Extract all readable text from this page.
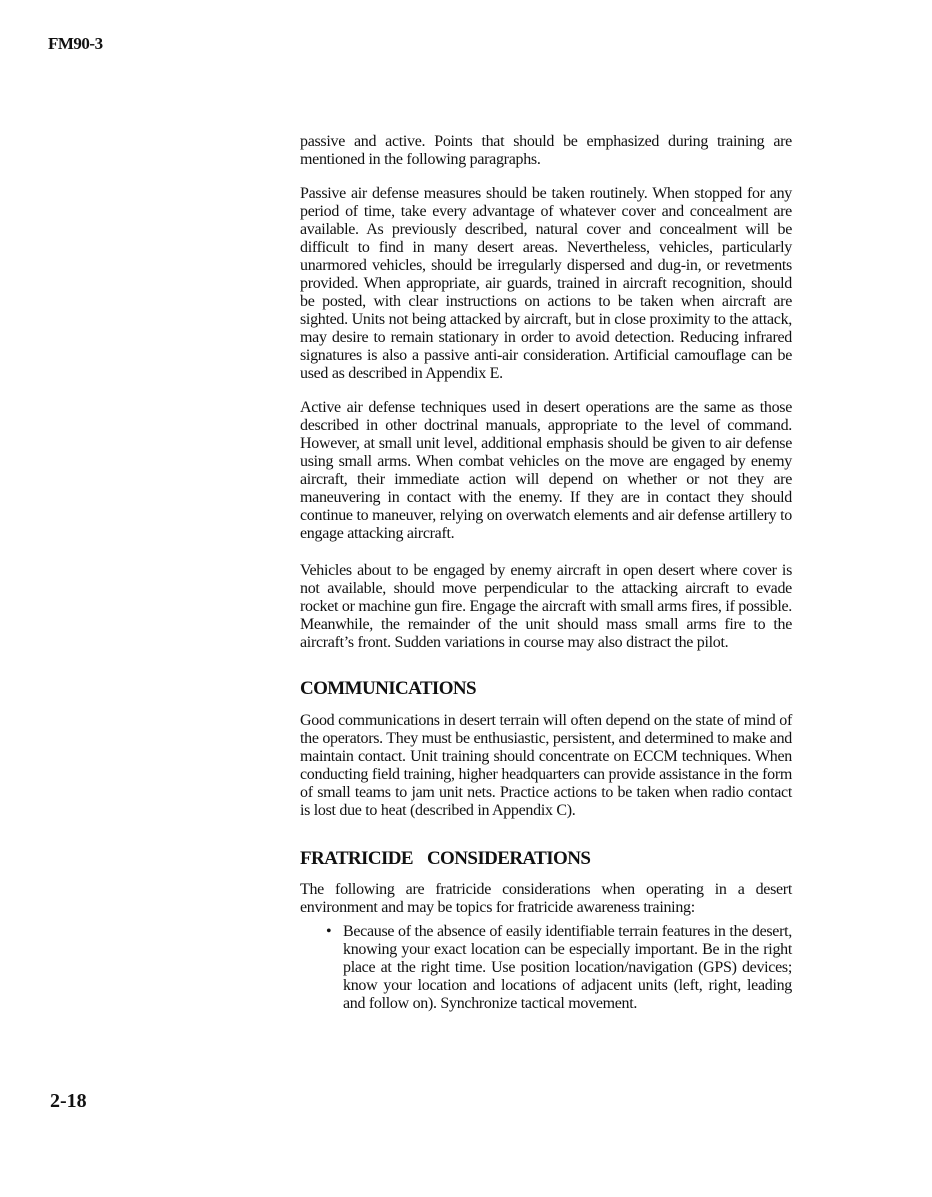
FM90-3

passive and active. Points that should be emphasized during training are mentioned in the following paragraphs.

Passive air defense measures should be taken routinely. When stopped for any period of time, take every advantage of whatever cover and concealment are available. As previously described, natural cover and concealment will be difficult to find in many desert areas. Nevertheless, vehicles, particularly unarmored vehicles, should be irregularly dispersed and dug-in, or revetments provided. When appropriate, air guards, trained in aircraft recognition, should be posted, with clear instructions on actions to be taken when aircraft are sighted. Units not being attacked by aircraft, but in close proximity to the attack, may desire to remain stationary in order to avoid detection. Reducing infrared signatures is also a passive anti-air consideration. Artificial camouflage can be used as described in Appendix E.

Active air defense techniques used in desert operations are the same as those described in other doctrinal manuals, appropriate to the level of command. However, at small unit level, additional emphasis should be given to air defense using small arms. When combat vehicles on the move are engaged by enemy aircraft, their immediate action will depend on whether or not they are maneuvering in contact with the enemy. If they are in contact they should continue to maneuver, relying on overwatch elements and air defense artillery to engage attacking aircraft.

Vehicles about to be engaged by enemy aircraft in open desert where cover is not available, should move perpendicular to the attacking aircraft to evade rocket or machine gun fire. Engage the aircraft with small arms fires, if possible. Meanwhile, the remainder of the unit should mass small arms fire to the aircraft’s front. Sudden variations in course may also distract the pilot.

COMMUNICATIONS

Good communications in desert terrain will often depend on the state of mind of the operators. They must be enthusiastic, persistent, and determined to make and maintain contact. Unit training should concentrate on ECCM techniques. When conducting field training, higher headquarters can provide assistance in the form of small teams to jam unit nets. Practice actions to be taken when radio contact is lost due to heat (described in Appendix C).

FRATRICIDE CONSIDERATIONS

The following are fratricide considerations when operating in a desert environment and may be topics for fratricide awareness training:

• Because of the absence of easily identifiable terrain features in the desert, knowing your exact location can be especially important. Be in the right place at the right time. Use position location/navigation (GPS) devices; know your location and locations of adjacent units (left, right, leading and follow on). Synchronize tactical movement.
2-18
